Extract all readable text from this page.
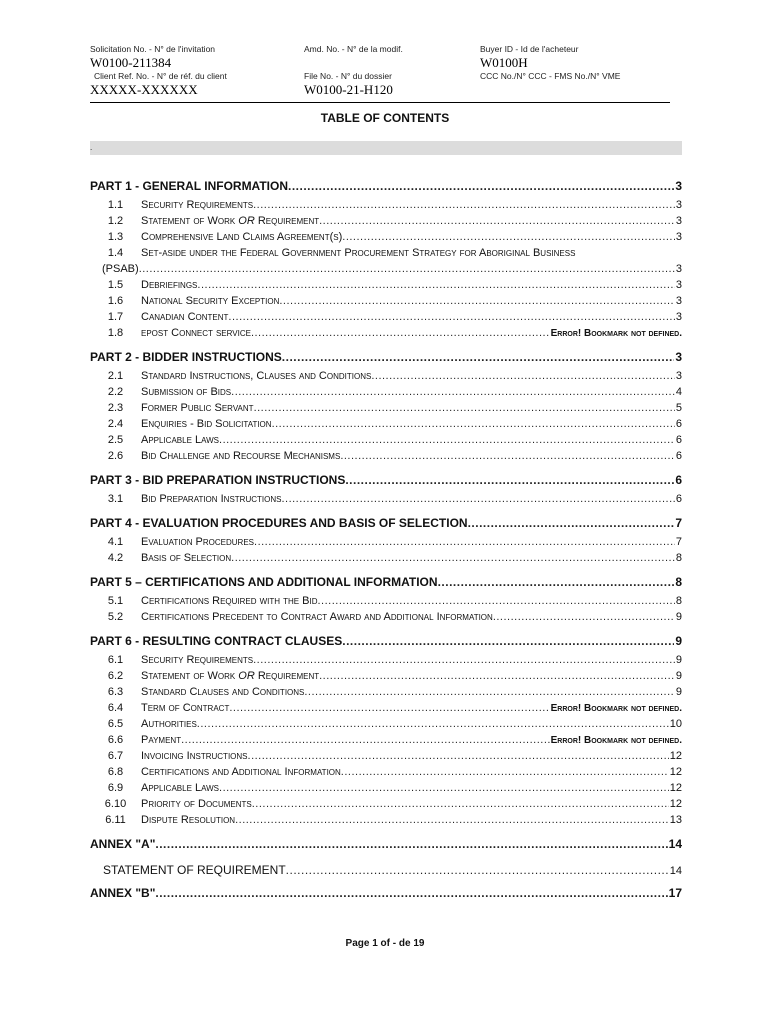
Solicitation No. - N° de l'invitation
W0100-211384
Amd. No. - N° de la modif.	Buyer ID - Id de l'acheteur
W0100H
Client Ref. No. - N° de réf. du client
XXXXX-XXXXXX
File No. - N° du dossier
W0100-21-H120
CCC No./N° CCC - FMS No./N° VME
TABLE OF CONTENTS
.
PART 1 - GENERAL INFORMATION .....	3
1.1	Security Requirements .....	3
1.2	Statement of Work OR Requirement .....	3
1.3	Comprehensive Land Claims Agreement(s) .....	3
1.4	Set-aside under the Federal Government Procurement Strategy for Aboriginal Business
(PSAB) .....	3
1.5	Debriefings .....	3
1.6	National Security Exception .....	3
1.7	Canadian Content .....	3
1.8	epost Connect service .....	Error! Bookmark not defined.
PART 2 - BIDDER INSTRUCTIONS .....	3
2.1	Standard Instructions, Clauses and Conditions .....	3
2.2	Submission of Bids .....	4
2.3	Former Public Servant .....	5
2.4	Enquiries - Bid Solicitation .....	6
2.5	Applicable Laws .....	6
2.6	Bid Challenge and Recourse Mechanisms .....	6
PART 3 - BID PREPARATION INSTRUCTIONS .....	6
3.1	Bid Preparation Instructions .....	6
PART 4 - EVALUATION PROCEDURES AND BASIS OF SELECTION .....	7
4.1	Evaluation Procedures .....	7
4.2	Basis of Selection .....	8
PART 5 – CERTIFICATIONS AND ADDITIONAL INFORMATION .....	8
5.1	Certifications Required with the Bid .....	8
5.2	Certifications Precedent to Contract Award and Additional Information .....	9
PART 6 - RESULTING CONTRACT CLAUSES .....	9
6.1	Security Requirements .....	9
6.2	Statement of Work OR Requirement .....	9
6.3	Standard Clauses and Conditions .....	9
6.4	Term of Contract .....	Error! Bookmark not defined.
6.5	Authorities .....	10
6.6	Payment .....	Error! Bookmark not defined.
6.7	Invoicing Instructions .....	12
6.8	Certifications and Additional Information .....	12
6.9	Applicable Laws .....	12
6.10	Priority of Documents .....	12
6.11	Dispute Resolution .....	13
ANNEX "A" .....	14
STATEMENT OF REQUIREMENT .....	14
ANNEX "B" .....	17
Page 1 of - de 19
